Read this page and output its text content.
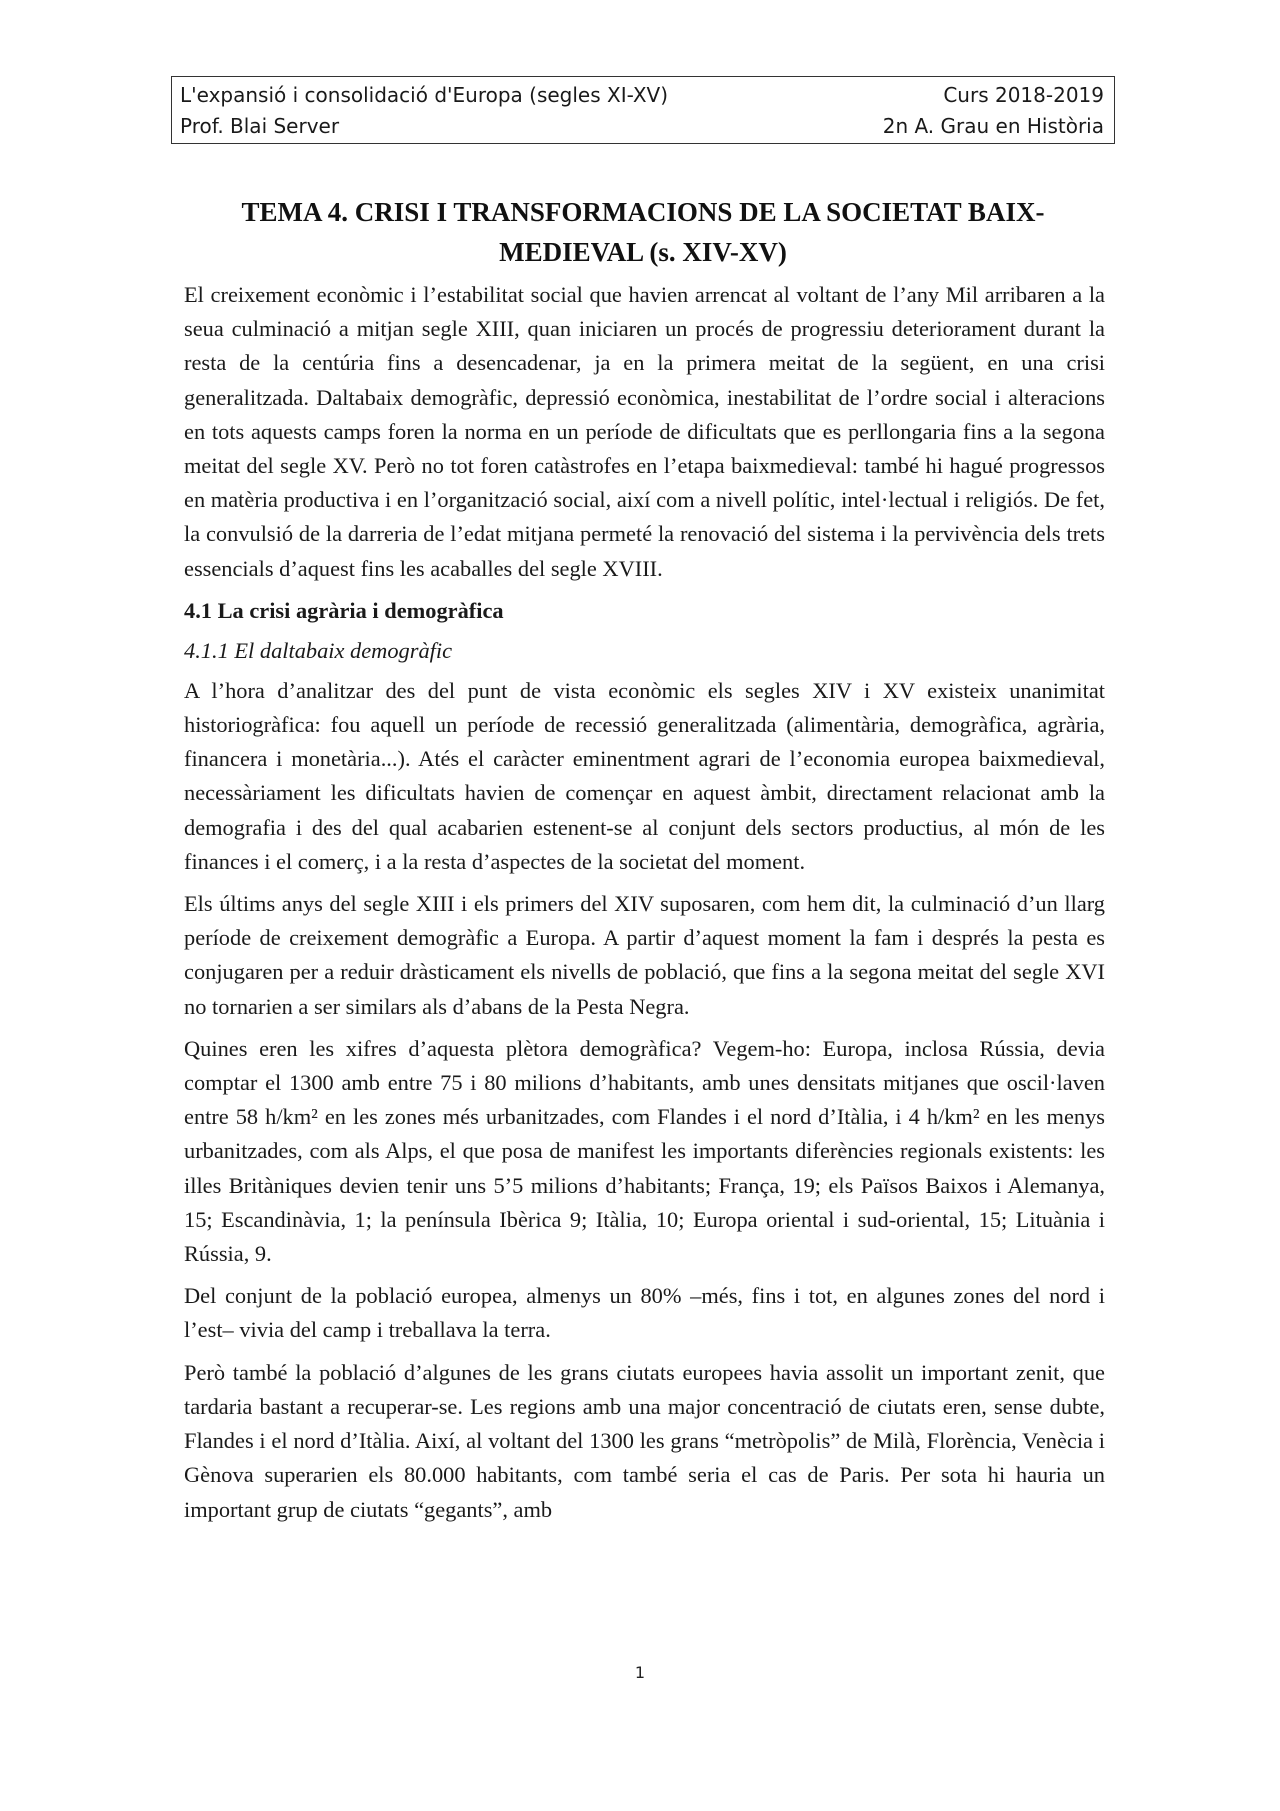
L'expansió i consolidació d'Europa (segles XI-XV)	Curs 2018-2019
Prof. Blai Server	2n A. Grau en Història
TEMA 4. CRISI I TRANSFORMACIONS DE LA SOCIETAT BAIX-MEDIEVAL (s. XIV-XV)

El creixement econòmic i l’estabilitat social que havien arrencat al voltant de l’any Mil arribaren a la seua culminació a mitjan segle XIII, quan iniciaren un procés de progressiu deteriorament durant la resta de la centúria fins a desencadenar, ja en la primera meitat de la següent, en una crisi generalitzada. Daltabaix demogràfic, depressió econòmica, inestabilitat de l’ordre social i alteracions en tots aquests camps foren la norma en un període de dificultats que es perllongaria fins a la segona meitat del segle XV. Però no tot foren catàstrofes en l’etapa baixmedieval: també hi hagué progressos en matèria productiva i en l’organització social, així com a nivell polític, intel·lectual i religiós. De fet, la convulsió de la darreria de l’edat mitjana permeté la renovació del sistema i la pervivència dels trets essencials d’aquest fins les acaballes del segle XVIII.

4.1 La crisi agrària i demogràfica
4.1.1 El daltabaix demogràfic

A l’hora d’analitzar des del punt de vista econòmic els segles XIV i XV existeix unanimitat historiogràfica: fou aquell un període de recessió generalitzada (alimentària, demogràfica, agrària, financera i monetària...). Atés el caràcter eminentment agrari de l’economia europea baixmedieval, necessàriament les dificultats havien de començar en aquest àmbit, directament relacionat amb la demografia i des del qual acabarien estenent-se al conjunt dels sectors productius, al món de les finances i el comerç, i a la resta d’aspectes de la societat del moment.

Els últims anys del segle XIII i els primers del XIV suposaren, com hem dit, la culminació d’un llarg període de creixement demogràfic a Europa. A partir d’aquest moment la fam i després la pesta es conjugaren per a reduir dràsticament els nivells de població, que fins a la segona meitat del segle XVI no tornarien a ser similars als d’abans de la Pesta Negra.

Quines eren les xifres d’aquesta plètora demogràfica? Vegem-ho: Europa, inclosa Rússia, devia comptar el 1300 amb entre 75 i 80 milions d’habitants, amb unes densitats mitjanes que oscil·laven entre 58 h/km² en les zones més urbanitzades, com Flandes i el nord d’Itàlia, i 4 h/km² en les menys urbanitzades, com als Alps, el que posa de manifest les importants diferències regionals existents: les illes Britàniques devien tenir uns 5’5 milions d’habitants; França, 19; els Països Baixos i Alemanya, 15; Escandinàvia, 1; la península Ibèrica 9; Itàlia, 10; Europa oriental i sud-oriental, 15; Lituània i Rússia, 9.

Del conjunt de la població europea, almenys un 80% –més, fins i tot, en algunes zones del nord i l’est– vivia del camp i treballava la terra.

Però també la població d’algunes de les grans ciutats europees havia assolit un important zenit, que tardaria bastant a recuperar-se. Les regions amb una major concentració de ciutats eren, sense dubte, Flandes i el nord d’Itàlia. Així, al voltant del 1300 les grans “metròpolis” de Milà, Florència, Venècia i Gènova superarien els 80.000 habitants, com també seria el cas de Paris. Per sota hi hauria un important grup de ciutats “gegants”, amb

1
